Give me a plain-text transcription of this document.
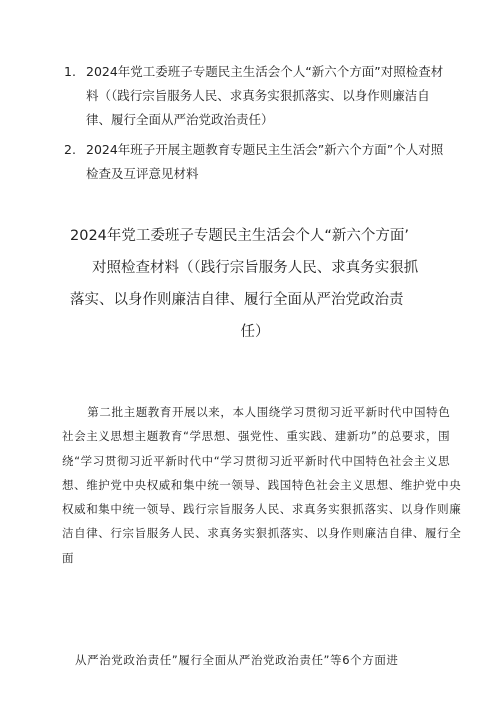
1. 2024年党工委班子专题民主生活会个人“新六个方面”对照检查材料（（践行宗旨服务人民、求真务实狠抓落实、以身作则廉洁自律、履行全面从严治党政治责任）
2. 2024年班子开展主题教育专题民主生活会”新六个方面”个人对照检查及互评意见材料
2024年党工委班子专题民主生活会个人“新六个方面’
对照检查材料（（践行宗旨服务人民、求真务实狠抓
落实、以身作则廉洁自律、履行全面从严治党政治责
任）

第二批主题教育开展以来，本人围绕学习贯彻习近平新时代中国特色社会主义思想主题教育“学思想、强党性、重实践、建新功”的总要求，围绕“学习贯彻习近平新时代中“学习贯彻习近平新时代中国特色社会主义思想、维护党中央权威和集中统一领导、践国特色社会主义思想、维护党中央权威和集中统一领导、践行宗旨服务人民、求真务实狠抓落实、以身作则廉洁自律、行宗旨服务人民、求真务实狠抓落实、以身作则廉洁自律、履行全面

从严治党政治责任”履行全面从严治党政治责任”等6个方面进
